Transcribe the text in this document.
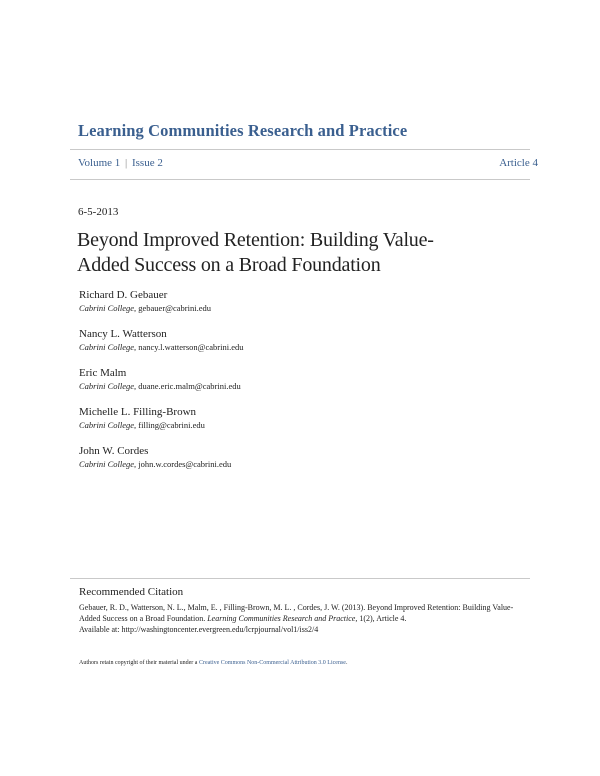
Learning Communities Research and Practice
Volume 1 | Issue 2	Article 4
6-5-2013
Beyond Improved Retention: Building Value-
Added Success on a Broad Foundation
Richard D. Gebauer
Cabrini College, gebauer@cabrini.edu
Nancy L. Watterson
Cabrini College, nancy.l.watterson@cabrini.edu
Eric Malm
Cabrini College, duane.eric.malm@cabrini.edu
Michelle L. Filling-Brown
Cabrini College, filling@cabrini.edu
John W. Cordes
Cabrini College, john.w.cordes@cabrini.edu
Recommended Citation
Gebauer, R. D., Watterson, N. L., Malm, E. , Filling-Brown, M. L. , Cordes, J. W. (2013). Beyond Improved Retention: Building Value-
Added Success on a Broad Foundation. Learning Communities Research and Practice, 1(2), Article 4.
Available at: http://washingtoncenter.evergreen.edu/lcrpjournal/vol1/iss2/4
Authors retain copyright of their material under a Creative Commons Non-Commercial Attribution 3.0 License.
